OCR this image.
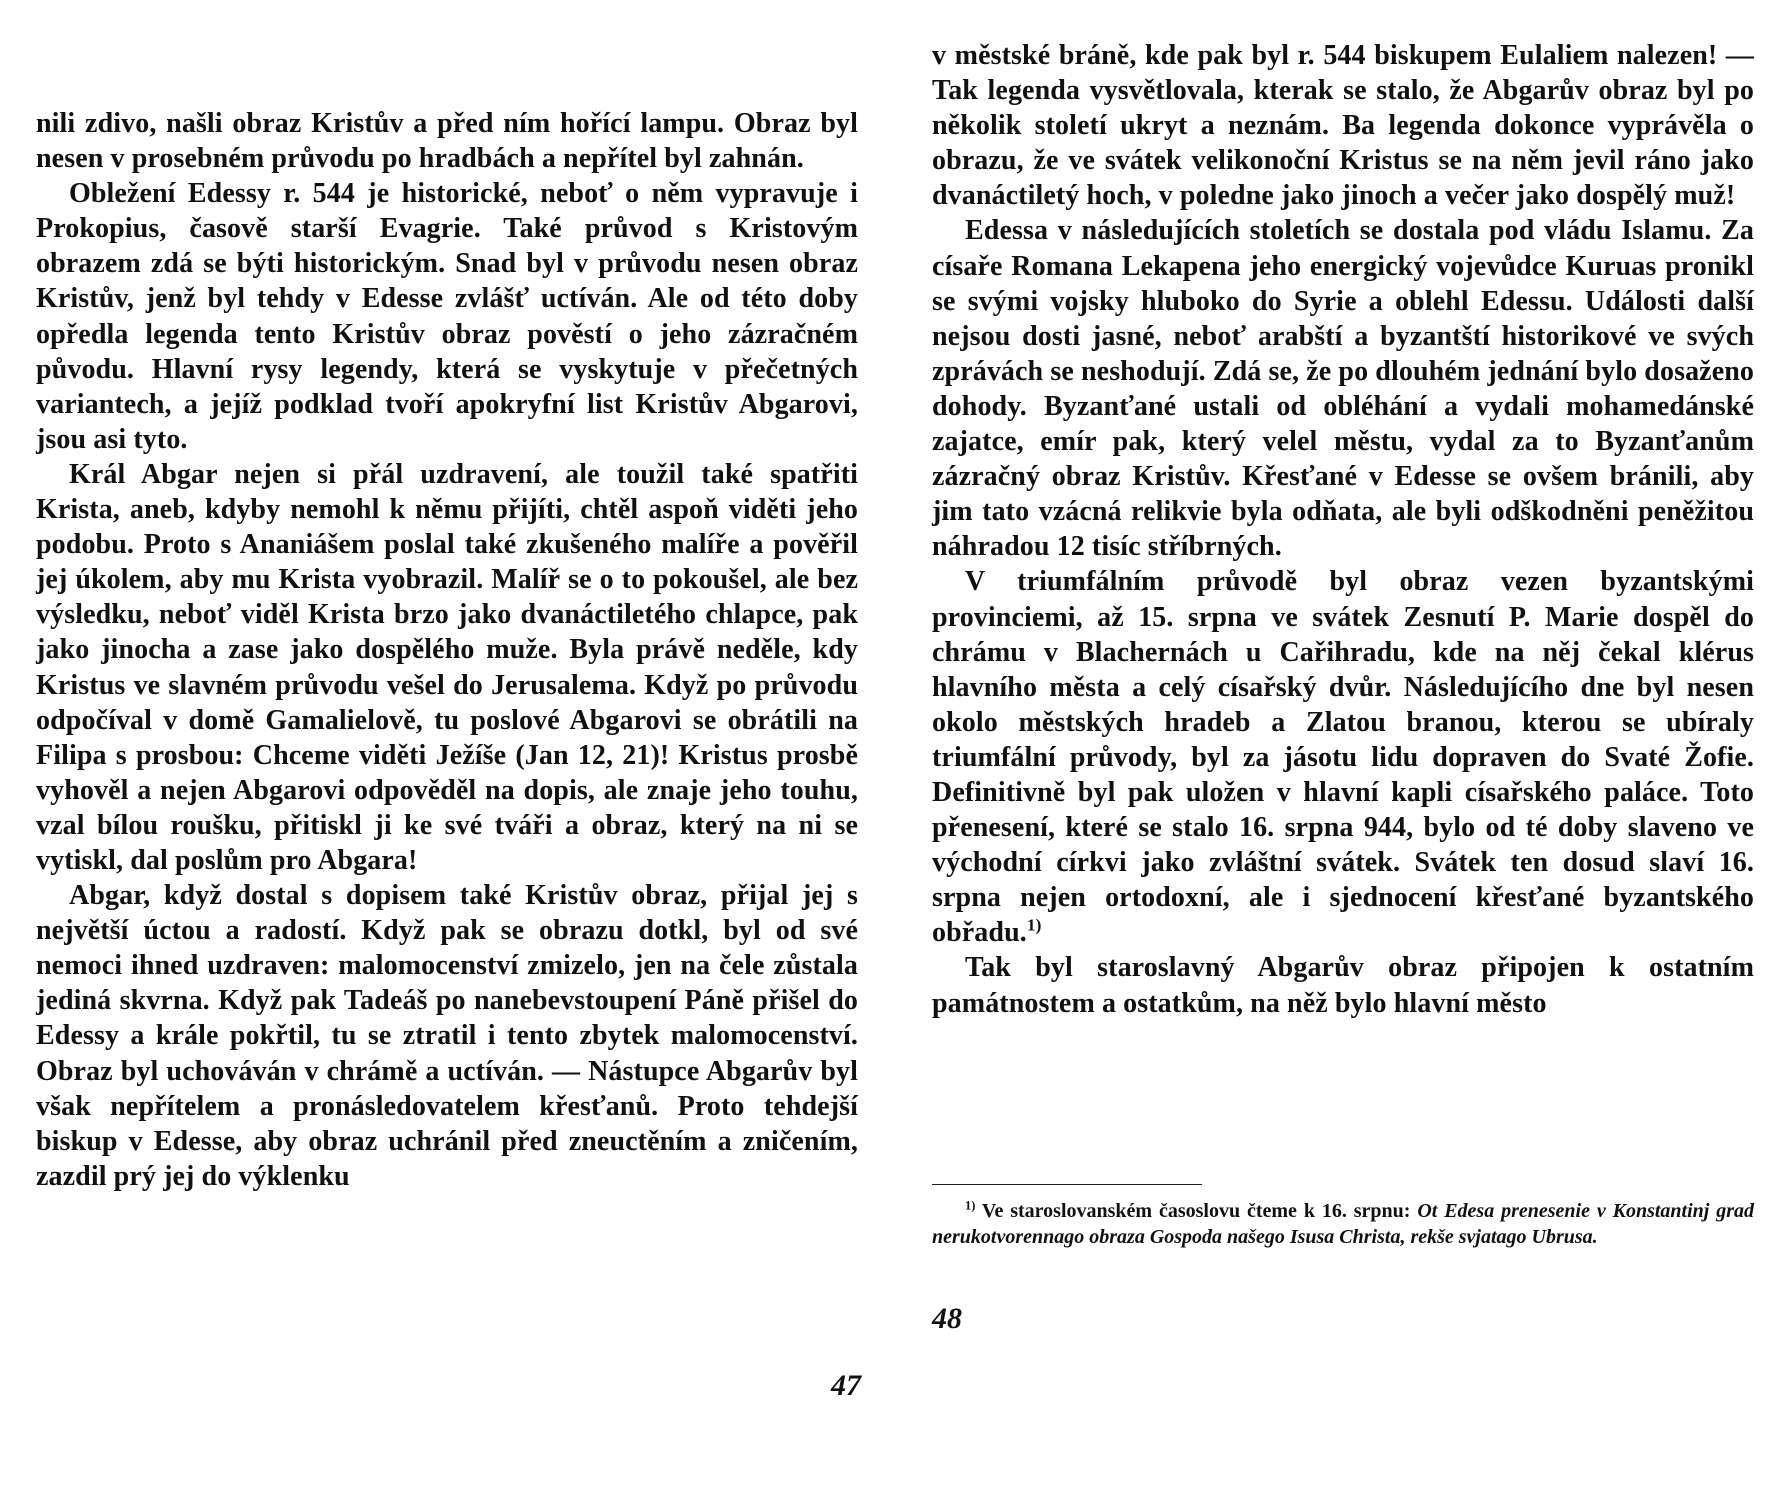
nili zdivo, našli obraz Kristův a před ním hořící lampu. Obraz byl nesen v prosebném průvodu po hradbách a nepřítel byl zahnán.

Obležení Edessy r. 544 je historické, neboť o něm vypravuje i Prokopius, časově starší Evagrie. Také průvod s Kristovým obrazem zdá se býti historickým. Snad byl v průvodu nesen obraz Kristův, jenž byl tehdy v Edesse zvlášť uctíván. Ale od této doby opředla legenda tento Kristův obraz pověstí o jeho zázračném původu. Hlavní rysy legendy, která se vyskytuje v přečetných variantech, a jejíž podklad tvoří apokryfní list Kristův Abgarovi, jsou asi tyto.

Král Abgar nejen si přál uzdravení, ale toužil také spatřiti Krista, aneb, kdyby nemohl k němu přijíti, chtěl aspoň viděti jeho podobu. Proto s Ananiášem poslal také zkušeného malíře a pověřil jej úkolem, aby mu Krista vyobrazil. Malíř se o to pokoušel, ale bez výsledku, neboť viděl Krista brzo jako dvanáctiletého chlapce, pak jako jinocha a zase jako dospělého muže. Byla právě neděle, kdy Kristus ve slavném průvodu vešel do Jerusalema. Když po průvodu odpočíval v domě Gamalielově, tu poslové Abgarovi se obrátili na Filipa s prosbou: Chceme viděti Ježíše (Jan 12, 21)! Kristus prosbě vyhověl a nejen Abgarovi odpověděl na dopis, ale znaje jeho touhu, vzal bílou roušku, přitiskl ji ke své tváři a obraz, který na ni se vytiskl, dal poslům pro Abgara!

Abgar, když dostal s dopisem také Kristův obraz, přijal jej s největší úctou a radostí. Když pak se obrazu dotkl, byl od své nemoci ihned uzdraven: malomocenství zmizelo, jen na čele zůstala jediná skvrna. Když pak Tadeáš po nanebevstoupení Páně přišel do Edessy a krále pokřtil, tu se ztratil i tento zbytek malomocenství. Obraz byl uchováván v chrámě a uctíván. — Nástupce Abgarův byl však nepřítelem a pronásledovatelem křesťanů. Proto tehdejší biskup v Edesse, aby obraz uchránil před zneuctěním a zničením, zazdil prý jej do výklenku

47

v městské bráně, kde pak byl r. 544 biskupem Eulaliem nalezen! — Tak legenda vysvětlovala, kterak se stalo, že Abgarův obraz byl po několik století ukryt a neznám. Ba legenda dokonce vyprávěla o obrazu, že ve svátek velikonoční Kristus se na něm jevil ráno jako dvanáctiletý hoch, v poledne jako jinoch a večer jako dospělý muž!

Edessa v následujících stoletích se dostala pod vládu Islamu. Za císaře Romana Lekapena jeho energický vojevůdce Kuruas pronikl se svými vojsky hluboko do Syrie a oblehl Edessu. Události další nejsou dosti jasné, neboť arabští a byzantští historikové ve svých zprávách se neshodují. Zdá se, že po dlouhém jednání bylo dosaženo dohody. Byzanťané ustali od obléhání a vydali mohamedánské zajatce, emír pak, který velel městu, vydal za to Byzanťanům zázračný obraz Kristův. Křesťané v Edesse se ovšem bránili, aby jim tato vzácná relikvie byla odňata, ale byli odškodněni peněžitou náhradou 12 tisíc stříbrných.

V triumfálním průvodě byl obraz vezen byzantskými provinciemi, až 15. srpna ve svátek Zesnutí P. Marie dospěl do chrámu v Blachernách u Cařihradu, kde na něj čekal klérus hlavního města a celý císařský dvůr. Následujícího dne byl nesen okolo městských hradeb a Zlatou branou, kterou se ubíraly triumfální průvody, byl za jásotu lidu dopraven do Svaté Žofie. Definitivně byl pak uložen v hlavní kapli císařského paláce. Toto přenesení, které se stalo 16. srpna 944, bylo od té doby slaveno ve východní církvi jako zvláštní svátek. Svátek ten dosud slaví 16. srpna nejen ortodoxní, ale i sjednocení křesťané byzantského obřadu.$^{1)}$

Tak byl staroslavný Abgarův obraz připojen k ostatním památnostem a ostatkům, na něž bylo hlavní město

$^{1)}$ Ve staroslovanském časoslovu čteme k 16. srpnu: Ot Edesa prenesenie v Konstantinj grad nerukotvorennago obraza Gospoda našego Isusa Christa, rekše svjatago Ubrusa.
48
